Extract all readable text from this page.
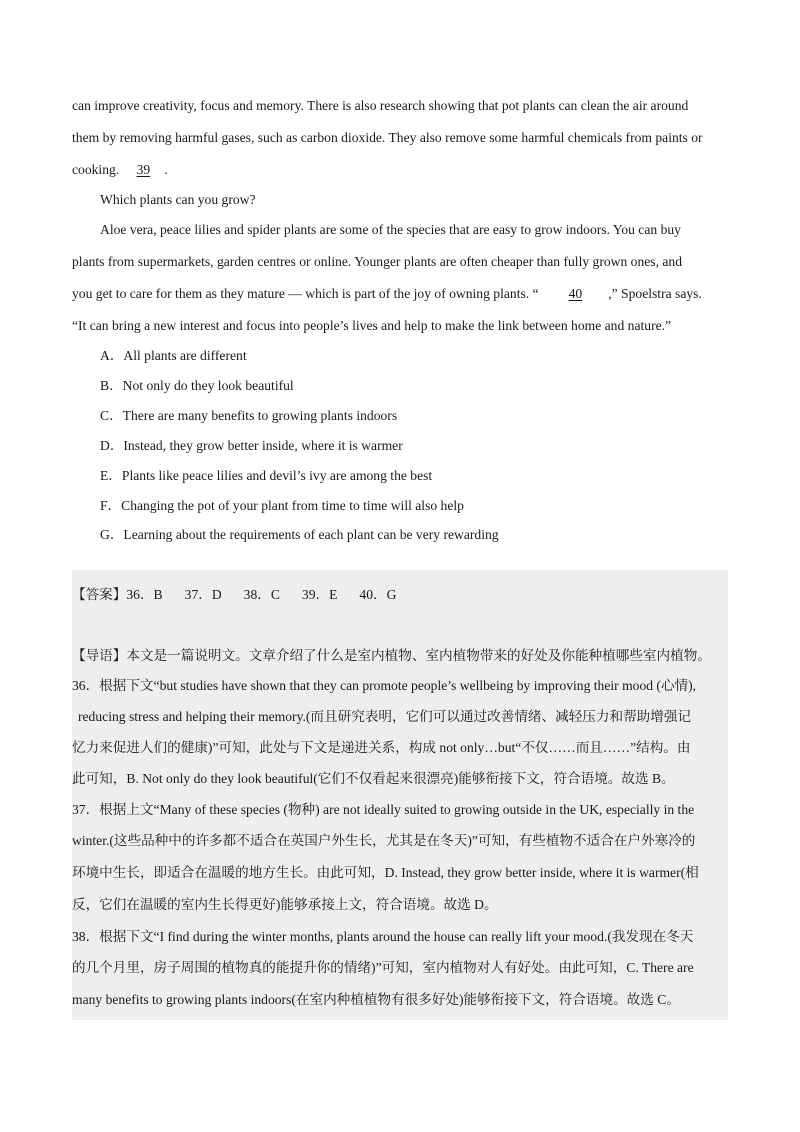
can improve creativity, focus and memory. There is also research showing that pot plants can clean the air around
them by removing harmful gases, such as carbon dioxide. They also remove some harmful chemicals from paints or
cooking. 39 .
Which plants can you grow?
Aloe vera, peace lilies and spider plants are some of the species that are easy to grow indoors. You can buy
plants from supermarkets, garden centres or online. Younger plants are often cheaper than fully grown ones, and
you get to care for them as they mature — which is part of the joy of owning plants. “ 40 ,” Spoelstra says.
“It can bring a new interest and focus into people’s lives and help to make the link between home and nature.”
A．All plants are different
B．Not only do they look beautiful
C．There are many benefits to growing plants indoors
D．Instead, they grow better inside, where it is warmer
E．Plants like peace lilies and devil’s ivy are among the best
F．Changing the pot of your plant from time to time will also help
G．Learning about the requirements of each plant can be very rewarding
【答案】36．B 37．D 38．C 39．E 40．G
【导语】本文是一篇说明文。文章介绍了什么是室内植物、室内植物带来的好处及你能种植哪些室内植物。
36．根据下文“but studies have shown that they can promote people’s wellbeing by improving their mood (心情),
reducing stress and helping their memory.(而且研究表明，它们可以通过改善情绪、减轻压力和帮助增强记
忆力来促进人们的健康)”可知，此处与下文是递进关系，构成 not only…but“不仅……而且……”结构。由
此可知，B. Not only do they look beautiful(它们不仅看起来很漂亮)能够衔接下文，符合语境。故选 B。
37．根据上文“Many of these species (物种) are not ideally suited to growing outside in the UK, especially in the
winter.(这些品种中的许多都不适合在英国户外生长，尤其是在冬天)”可知，有些植物不适合在户外寒冷的
环境中生长，即适合在温暖的地方生长。由此可知，D. Instead, they grow better inside, where it is warmer(相
反，它们在温暖的室内生长得更好)能够承接上文，符合语境。故选 D。
38．根据下文“I find during the winter months, plants around the house can really lift your mood.(我发现在冬天
的几个月里，房子周围的植物真的能提升你的情绪)”可知，室内植物对人有好处。由此可知，C. There are
many benefits to growing plants indoors(在室内种植植物有很多好处)能够衔接下文，符合语境。故选 C。
